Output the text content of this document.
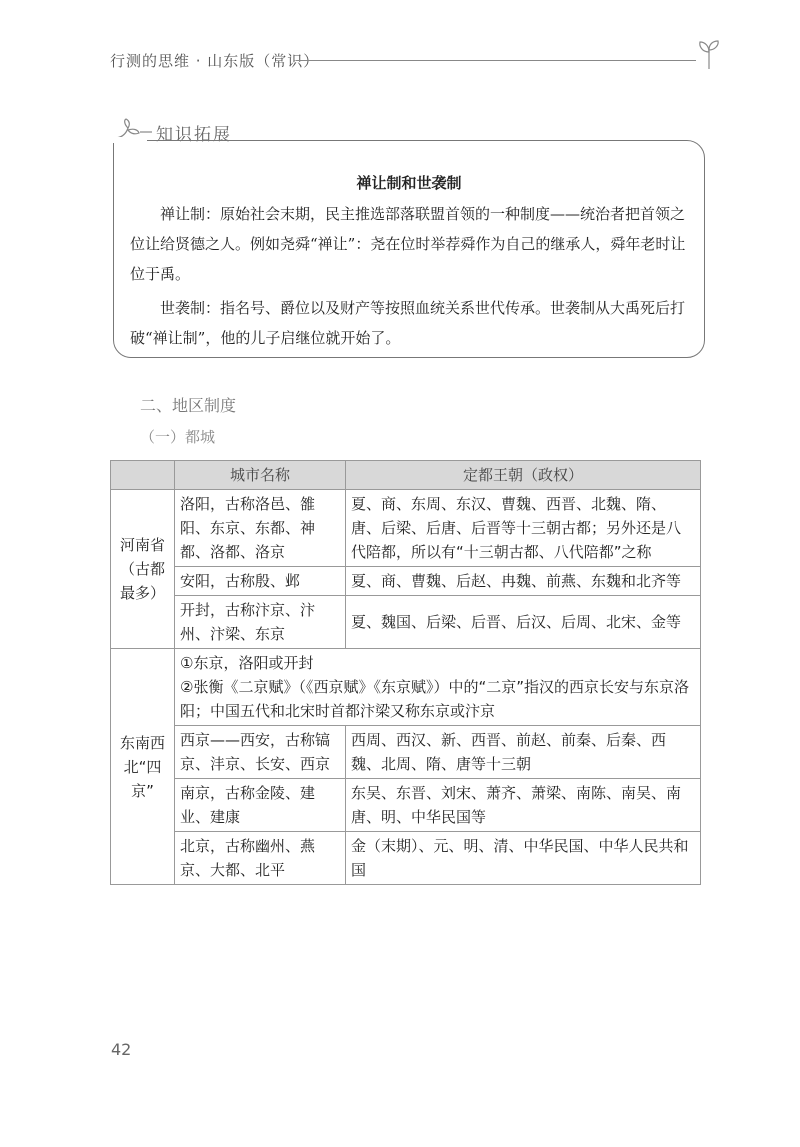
行测的思维 · 山东版（常识）
知识拓展
禅让制和世袭制

禅让制：原始社会末期，民主推选部落联盟首领的一种制度——统治者把首领之位让给贤德之人。例如尧舜“禅让”：尧在位时举荐舜作为自己的继承人，舜年老时让位于禹。

世袭制：指名号、爵位以及财产等按照血统关系世代传承。世袭制从大禹死后打破“禅让制”，他的儿子启继位就开始了。

二、地区制度
（一）都城
	城市名称	定都王朝（政权）
河南省（古都最多）	洛阳，古称洛邑、雒阳、东京、东都、神都、洛都、洛京	夏、商、东周、东汉、曹魏、西晋、北魏、隋、唐、后梁、后唐、后晋等十三朝古都；另外还是八代陪都，所以有“十三朝古都、八代陪都”之称
	安阳，古称殷、邺	夏、商、曹魏、后赵、冉魏、前燕、东魏和北齐等
	开封，古称汴京、汴州、汴梁、东京	夏、魏国、后梁、后晋、后汉、后周、北宋、金等
东南西北“四京”	①东京，洛阳或开封
②张衡《二京赋》（《西京赋》《东京赋》）中的“二京”指汉的西京长安与东京洛阳；中国五代和北宋时首都汴梁又称东京或汴京	

	西京——西安，古称镐京、沣京、长安、西京	西周、西汉、新、西晋、前赵、前秦、后秦、西魏、北周、隋、唐等十三朝
	南京，古称金陵、建业、建康	东吴、东晋、刘宋、萧齐、萧梁、南陈、南吴、南唐、明、中华民国等
	北京，古称幽州、燕京、大都、北平	金（末期）、元、明、清、中华民国、中华人民共和国
42
